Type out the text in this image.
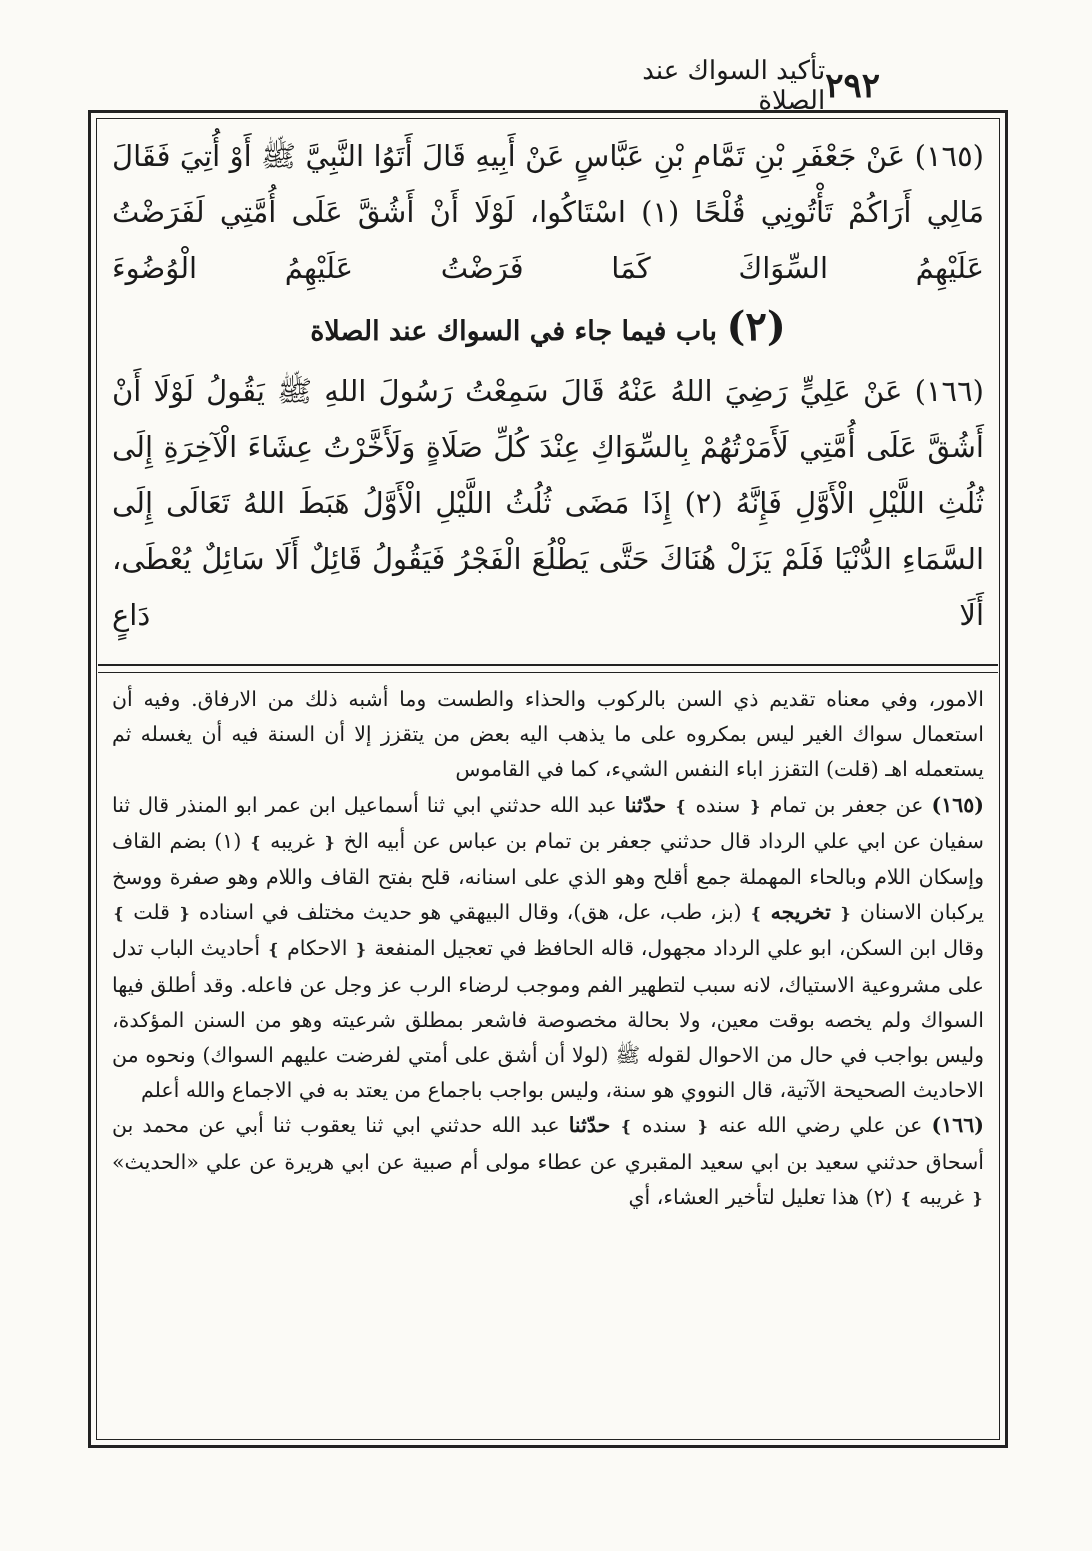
٢٩٢
تأكيد السواك عند الصلاة

(١٦٥) عَنْ جَعْفَرِ بْنِ تَمَّامِ بْنِ عَبَّاسٍ عَنْ أَبِيهِ قَالَ أَتَوُا النَّبِيَّ ﷺ أَوْ أُتِيَ فَقَالَ مَالِي أَرَاكُمْ تَأْتُونِي قُلْحًا (١) اسْتَاكُوا، لَوْلَا أَنْ أَشُقَّ عَلَى أُمَّتِي لَفَرَضْتُ عَلَيْهِمُ السِّوَاكَ كَمَا فَرَضْتُ عَلَيْهِمُ الْوُضُوءَ

(٢) باب فيما جاء في السواك عند الصلاة

(١٦٦) عَنْ عَلِيٍّ رَضِيَ اللهُ عَنْهُ قَالَ سَمِعْتُ رَسُولَ اللهِ ﷺ يَقُولُ لَوْلَا أَنْ أَشُقَّ عَلَى أُمَّتِي لَأَمَرْتُهُمْ بِالسِّوَاكِ عِنْدَ كُلِّ صَلَاةٍ وَلَأَخَّرْتُ عِشَاءَ الْآخِرَةِ إِلَى ثُلُثِ اللَّيْلِ الْأَوَّلِ فَإِنَّهُ (٢) إِذَا مَضَى ثُلُثُ اللَّيْلِ الْأَوَّلُ هَبَطَ اللهُ تَعَالَى إِلَى السَّمَاءِ الدُّنْيَا فَلَمْ يَزَلْ هُنَاكَ حَتَّى يَطْلُعَ الْفَجْرُ فَيَقُولُ قَائِلٌ أَلَا سَائِلٌ يُعْطَى، أَلَا دَاعٍ

الامور، وفي معناه تقديم ذي السن بالركوب والحذاء والطست وما أشبه ذلك من الارفاق. وفيه أن استعمال سواك الغير ليس بمكروه على ما يذهب اليه بعض من يتقزز إلا أن السنة فيه أن يغسله ثم يستعمله اهـ (قلت) التقزز اباء النفس الشيء، كما في القاموس

(١٦٥) عن جعفر بن تمام ❴ سنده ❵ حدّثنا عبد الله حدثني ابي ثنا أسماعيل ابن عمر ابو المنذر قال ثنا سفيان عن ابي علي الرداد قال حدثني جعفر بن تمام بن عباس عن أبيه الخ ❴ غريبه ❵ (١) بضم القاف وإسكان اللام وبالحاء المهملة جمع أقلح وهو الذي على اسنانه، قلح بفتح القاف واللام وهو صفرة ووسخ يركبان الاسنان ❴ تخريجه ❵ (بز، طب، عل، هق)، وقال البيهقي هو حديث مختلف في اسناده ❴ قلت ❵ وقال ابن السكن، ابو علي الرداد مجهول، قاله الحافظ في تعجيل المنفعة ❴ الاحكام ❵ أحاديث الباب تدل على مشروعية الاستياك، لانه سبب لتطهير الفم وموجب لرضاء الرب عز وجل عن فاعله. وقد أطلق فيها السواك ولم يخصه بوقت معين، ولا بحالة مخصوصة فاشعر بمطلق شرعيته وهو من السنن المؤكدة، وليس بواجب في حال من الاحوال لقوله ﷺ (لولا أن أشق على أمتي لفرضت عليهم السواك) ونحوه من الاحاديث الصحيحة الآتية، قال النووي هو سنة، وليس بواجب باجماع من يعتد به في الاجماع والله أعلم

(١٦٦) عن علي رضي الله عنه ❴ سنده ❵ حدّثنا عبد الله حدثني ابي ثنا يعقوب ثنا أبي عن محمد بن أسحاق حدثني سعيد بن ابي سعيد المقبري عن عطاء مولى أم صبية عن ابي هريرة عن علي «الحديث» ❴ غريبه ❵ (٢) هذا تعليل لتأخير العشاء، أي
